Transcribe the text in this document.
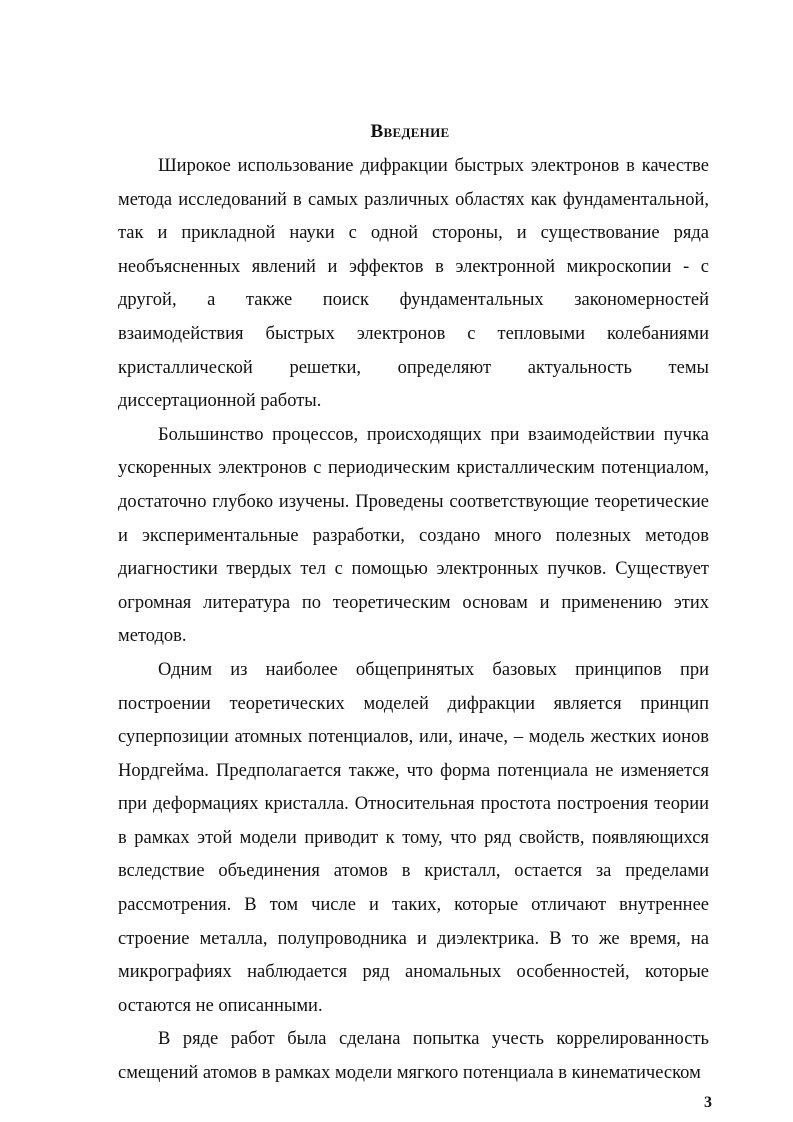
Введение

Широкое использование дифракции быстрых электронов в качестве метода исследований в самых различных областях как фундаментальной, так и прикладной науки с одной стороны, и существование ряда необъясненных явлений и эффектов в электронной микроскопии - с другой, а также поиск фундаментальных закономерностей взаимодействия быстрых электронов с тепловыми колебаниями кристаллической решетки, определяют актуальность темы диссертационной работы.

Большинство процессов, происходящих при взаимодействии пучка ускоренных электронов с периодическим кристаллическим потенциалом, достаточно глубоко изучены. Проведены соответствующие теоретические и экспериментальные разработки, создано много полезных методов диагностики твердых тел с помощью электронных пучков. Существует огромная литература по теоретическим основам и применению этих методов.

Одним из наиболее общепринятых базовых принципов при построении теоретических моделей дифракции является принцип суперпозиции атомных потенциалов, или, иначе, – модель жестких ионов Нордгейма. Предполагается также, что форма потенциала не изменяется при деформациях кристалла. Относительная простота построения теории в рамках этой модели приводит к тому, что ряд свойств, появляющихся вследствие объединения атомов в кристалл, остается за пределами рассмотрения. В том числе и таких, которые отличают внутреннее строение металла, полупроводника и диэлектрика. В то же время, на микрографиях наблюдается ряд аномальных особенностей, которые остаются не описанными.

В ряде работ была сделана попытка учесть коррелированность смещений атомов в рамках модели мягкого потенциала в кинематическом

3
